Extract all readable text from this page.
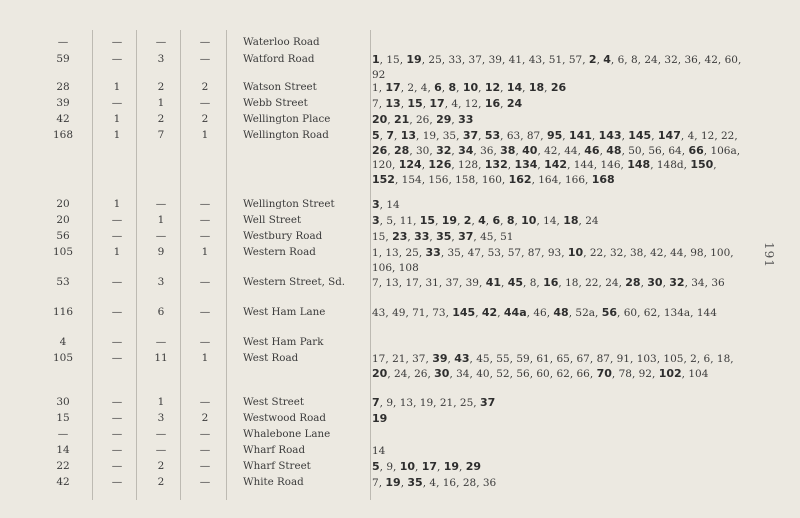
—	—	—	—	Waterloo Road
59	—	3	—	Watford Road	1, 15, 19, 25, 33, 37, 39, 41, 43, 51, 57, 2, 4, 6, 8, 24, 32, 36, 42, 60, 92
28	1	2	2	Watson Street	1, 17, 2, 4, 6, 8, 10, 12, 14, 18, 26
39	—	1	—	Webb Street	7, 13, 15, 17, 4, 12, 16, 24
42	1	2	2	Wellington Place	20, 21, 26, 29, 33
168	1	7	1	Wellington Road	5, 7, 13, 19, 35, 37, 53, 63, 87, 95, 141, 143, 145, 147, 4, 12, 22, 26, 28, 30, 32, 34, 36, 38, 40, 42, 44, 46, 48, 50, 56, 64, 66, 106a, 120, 124, 126, 128, 132, 134, 142, 144, 146, 148, 148d, 150, 152, 154, 156, 158, 160, 162, 164, 166, 168
20	1	—	—	Wellington Street	3, 14
20	—	1	—	Well Street	3, 5, 11, 15, 19, 2, 4, 6, 8, 10, 14, 18, 24
56	—	—	—	Westbury Road	15, 23, 33, 35, 37, 45, 51
105	1	9	1	Western Road	1, 13, 25, 33, 35, 47, 53, 57, 87, 93, 10, 22, 32, 38, 42, 44, 98, 100, 106, 108
53	—	3	—	Western Street, Sd.	7, 13, 17, 31, 37, 39, 41, 45, 8, 16, 18, 22, 24, 28, 30, 32, 34, 36
116	—	6	—	West Ham Lane	43, 49, 71, 73, 145, 42, 44a, 46, 48, 52a, 56, 60, 62, 134a, 144
4	—	—	—	West Ham Park
105	—	11	1	West Road	17, 21, 37, 39, 43, 45, 55, 59, 61, 65, 67, 87, 91, 103, 105, 2, 6, 18, 20, 24, 26, 30, 34, 40, 52, 56, 60, 62, 66, 70, 78, 92, 102, 104
30	—	1	—	West Street	7, 9, 13, 19, 21, 25, 37
15	—	3	2	Westwood Road	19
—	—	—	—	Whalebone Lane
14	—	—	—	Wharf Road	14
22	—	2	—	Wharf Street	5, 9, 10, 17, 19, 29
42	—	2	—	White Road	7, 19, 35, 4, 16, 28, 36
191
